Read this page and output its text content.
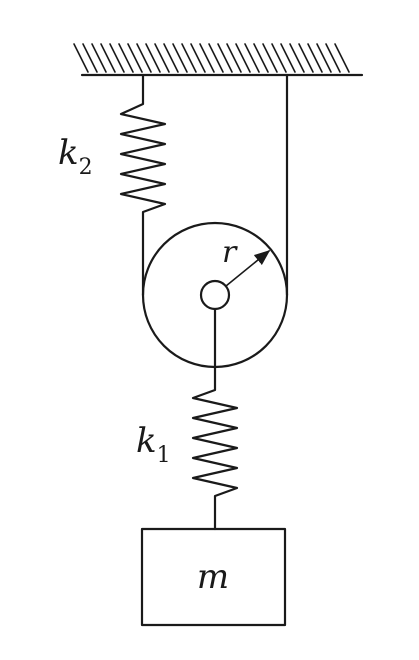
r
m
$k_2$
$k_1$
